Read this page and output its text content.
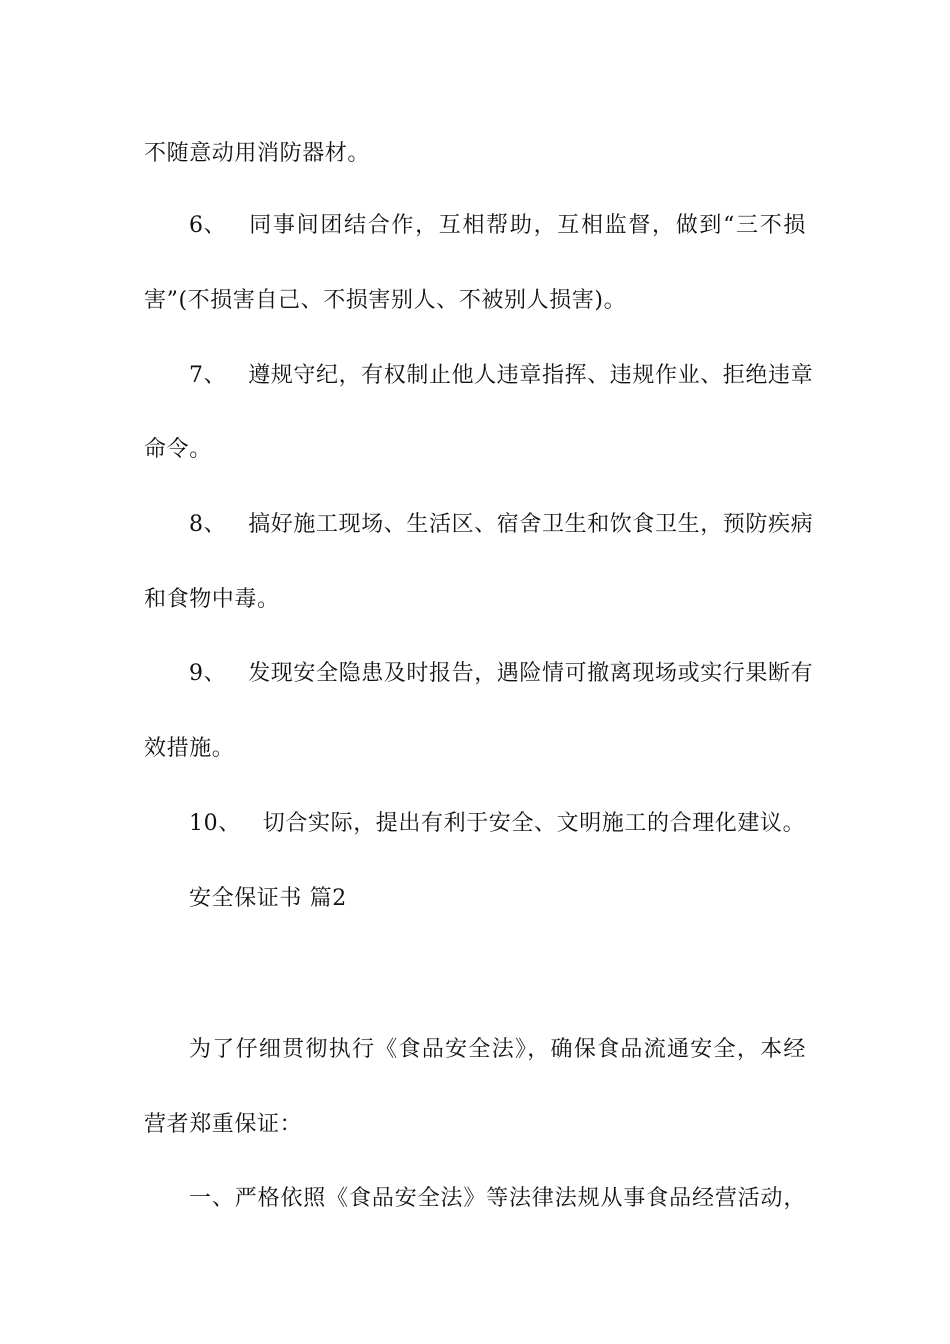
不随意动用消防器材。
6、 同事间团结合作，互相帮助，互相监督，做到“三不损
害”(不损害自己、不损害别人、不被别人损害)。
7、 遵规守纪，有权制止他人违章指挥、违规作业、拒绝违章
命令。
8、 搞好施工现场、生活区、宿舍卫生和饮食卫生，预防疾病
和食物中毒。
9、 发现安全隐患及时报告，遇险情可撤离现场或实行果断有
效措施。
10、 切合实际，提出有利于安全、文明施工的合理化建议。
安全保证书 篇2
为了仔细贯彻执行《食品安全法》，确保食品流通安全，本经
营者郑重保证：
一、严格依照《食品安全法》等法律法规从事食品经营活动，
